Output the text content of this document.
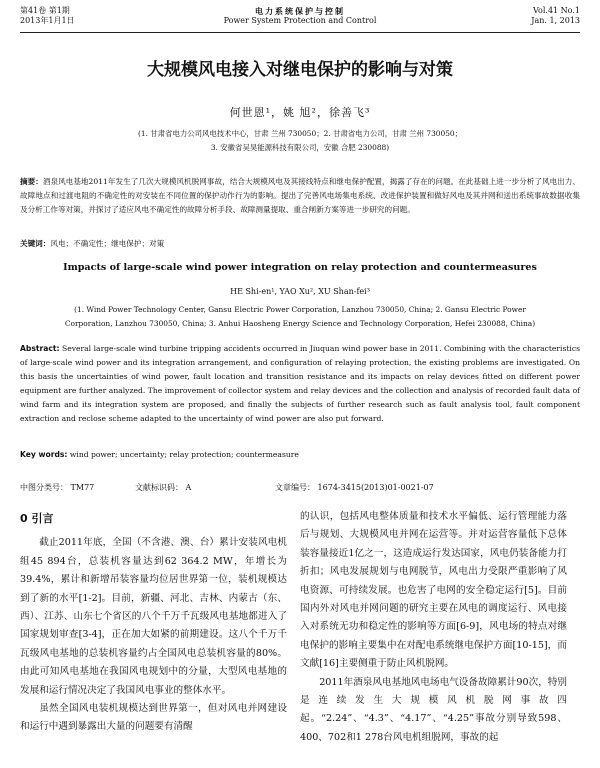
第41卷 第1期
2013年1月1日
电力系统保护与控制
Power System Protection and Control
Vol.41 No.1
Jan. 1, 2013
大规模风电接入对继电保护的影响与对策
何世恩¹，姚 旭²，徐善飞³
(1. 甘肃省电力公司风电技术中心，甘肃 兰州 730050；2. 甘肃省电力公司，甘肃 兰州 730050；
3. 安徽省吴昊能源科技有限公司，安徽 合肥 230088)
摘要：酒泉风电基地2011年发生了几次大规模风机脱网事故，结合大规模风电及其接线特点和继电保护配置，揭露了存在的问题。在此基础上进一步分析了风电出力、故障地点和过渡电阻的不确定性的对安装在不同位置的保护动作行为的影响。提出了完善风电场集电系统、改进保护装置和做好风电及其并网和送出系统事故数据收集及分析工作等对策，并探讨了适应风电不确定性的故障分析手段、故障测量提取、重合闸新方案等进一步研究的问题。
关键词：风电；不确定性；继电保护；对策
Impacts of large-scale wind power integration on relay protection and countermeasures
HE Shi-en¹, YAO Xu², XU Shan-fei³
(1. Wind Power Technology Center, Gansu Electric Power Corporation, Lanzhou 730050, China; 2. Gansu Electric Power
Corporation, Lanzhou 730050, China; 3. Anhui Haosheng Energy Science and Technology Corporation, Hefei 230088, China)
Abstract: Several large-scale wind turbine tripping accidents occurred in Jiuquan wind power base in 2011. Combining with the characteristics of large-scale wind power and its integration arrangement, and configuration of relaying protection, the existing problems are investigated. On this basis the uncertainties of wind power, fault location and transition resistance and its impacts on relay devices fitted on different power equipment are further analyzed. The improvement of collector system and relay devices and the collection and analysis of recorded fault data of wind farm and its integration system are proposed, and finally the subjects of further research such as fault analysis tool, fault component extraction and reclose scheme adapted to the uncertainty of wind power are also put forward.
Key words: wind power; uncertainty; relay protection; countermeasure
中图分类号： TM77	文献标识码： A	文章编号： 1674-3415(2013)01-0021-07
0 引言

截止2011年底，全国（不含港、澳、台）累计安装风电机组45 894台，总装机容量达到62 364.2 MW，年增长为39.4%，累计和新增吊装容量均位居世界第一位，装机规模达到了新的水平[1-2]。目前，新疆、河北、吉林、内蒙古（东、西）、江苏、山东七个省区的八个千万千瓦级风电基地都进入了国家规划审查[3-4]，正在加大如紧的前期建设。这八个千万千瓦级风电基地的总装机容量约占全国风电总装机容量的80%。由此可知风电基地在我国风电规划中的分量，大型风电基地的发展和运行情况决定了我国风电事业的整体水平。

虽然全国风电装机规模达到世界第一，但对风电并网建设和运行中遇到暴露出大量的问题要有清醒

的认识，包括风电整体质量和技术水平偏低、运行管理能力落后与规划、大规模风电并网在运营等。并对运营容量低下总体装容量接近1亿之一，这造成运行发达国家，风电仍装备能力打折扣；风电发展规划与电网脱节，风电出力受限严重影响了风电资源、可持续发展。也危害了电网的安全稳定运行[5]。目前国内外对风电并网问题的研究主要在风电的调度运行、风电接入对系统无功和稳定性的影响等方面[6-9]，风电场的特点对继电保护的影响主要集中在对配电系统继电保护方面[10-15]，而文献[16]主要侧重于防止风机脱网。

2011年酒泉风电基地风电场电气设备故障累计90次，特别是连续发生大规模风机脱网事故四起。“2.24”、“4.3”、“4.17”、“4.25”事故分别导致598、400、702和1 278台风电机组脱网，事故的起
